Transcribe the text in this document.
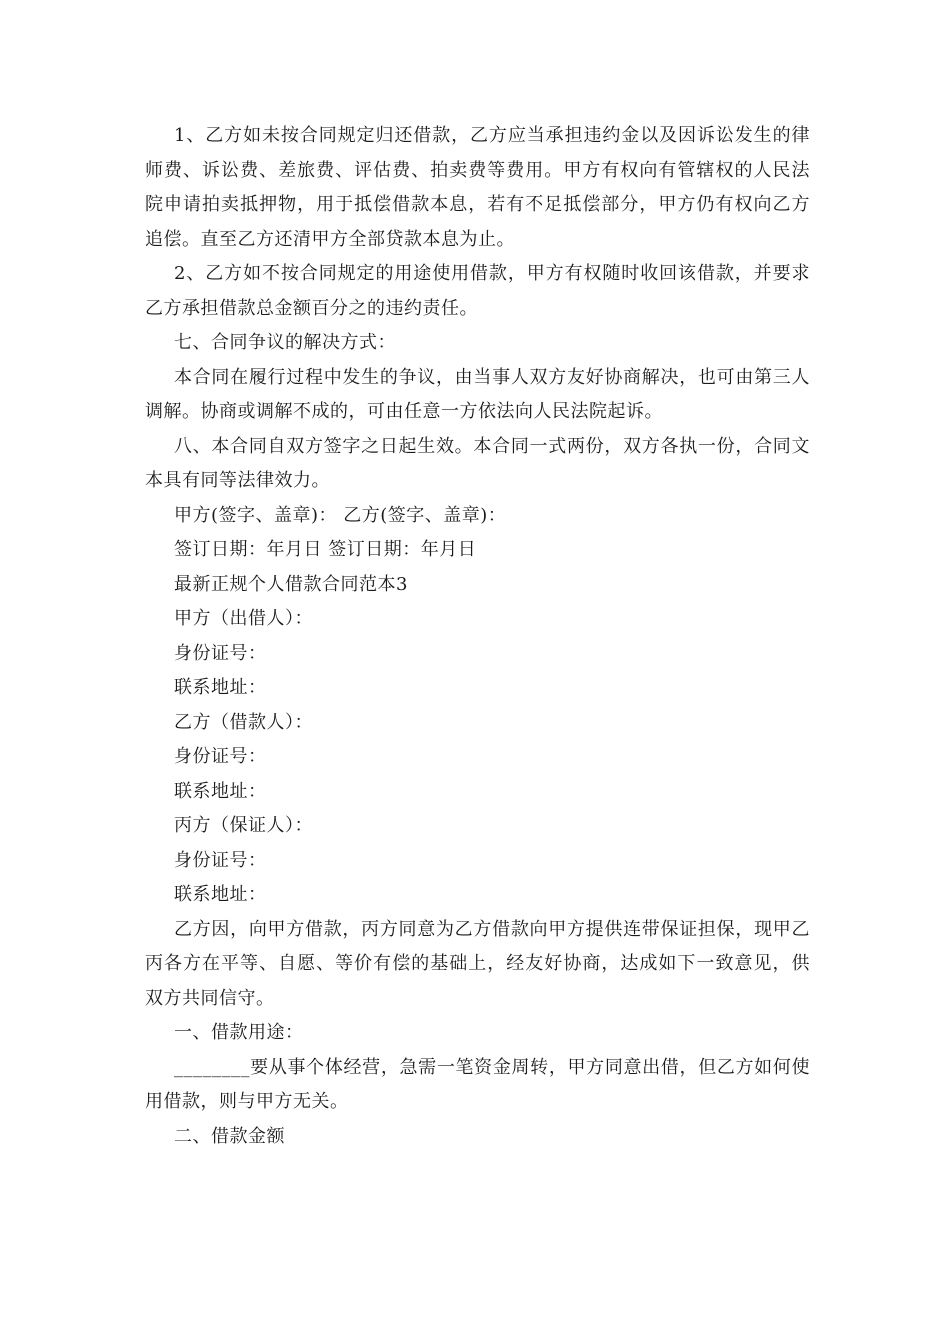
1、乙方如未按合同规定归还借款，乙方应当承担违约金以及因诉讼发生的律师费、诉讼费、差旅费、评估费、拍卖费等费用。甲方有权向有管辖权的人民法院申请拍卖抵押物，用于抵偿借款本息，若有不足抵偿部分，甲方仍有权向乙方追偿。直至乙方还清甲方全部贷款本息为止。

2、乙方如不按合同规定的用途使用借款，甲方有权随时收回该借款，并要求乙方承担借款总金额百分之的违约责任。

七、合同争议的解决方式：

本合同在履行过程中发生的争议，由当事人双方友好协商解决，也可由第三人调解。协商或调解不成的，可由任意一方依法向人民法院起诉。

八、本合同自双方签字之日起生效。本合同一式两份，双方各执一份，合同文本具有同等法律效力。

甲方(签字、盖章)： 乙方(签字、盖章)：

签订日期：年月日 签订日期：年月日

最新正规个人借款合同范本3

甲方（出借人）：

身份证号：

联系地址：

乙方（借款人）：

身份证号：

联系地址：

丙方（保证人）：

身份证号：

联系地址：

乙方因，向甲方借款，丙方同意为乙方借款向甲方提供连带保证担保，现甲乙丙各方在平等、自愿、等价有偿的基础上，经友好协商，达成如下一致意见，供双方共同信守。

一、借款用途：

________要从事个体经营，急需一笔资金周转，甲方同意出借，但乙方如何使用借款，则与甲方无关。

二、借款金额
